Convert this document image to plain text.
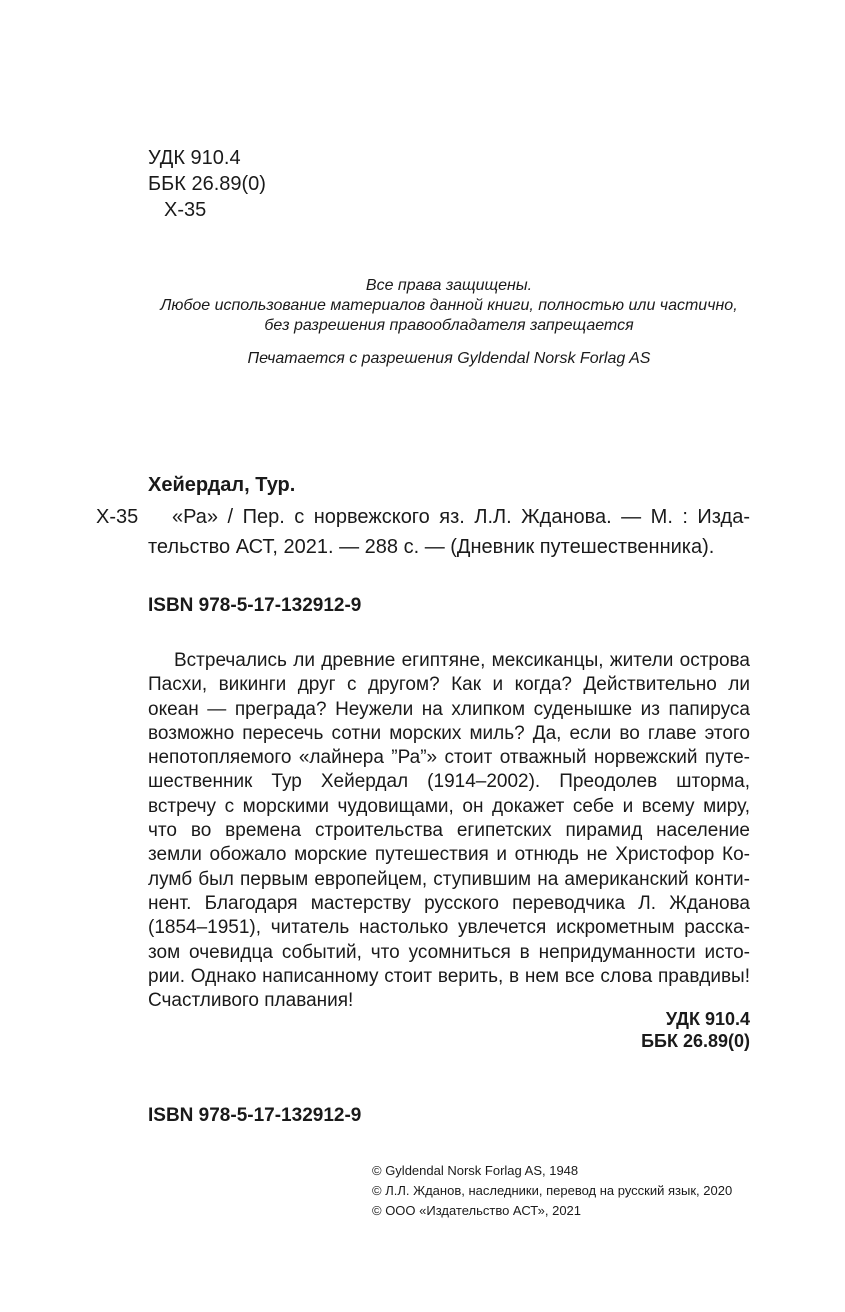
УДК 910.4
ББК 26.89(0)
Х-35
Все права защищены.
Любое использование материалов данной книги, полностью или частично,
без разрешения правообладателя запрещается
Печатается с разрешения Gyldendal Norsk Forlag AS
Хейердал, Тур.
Х-35	«Ра» / Пер. с норвежского яз. Л.Л. Жданова. — М. : Издательство АСТ, 2021. — 288 с. — (Дневник путешественника).
ISBN 978-5-17-132912-9
Встречались ли древние египтяне, мексиканцы, жители острова Пасхи, викинги друг с другом? Как и когда? Действительно ли океан — преграда? Неужели на хлипком суденышке из папируса возможно пересечь сотни морских миль? Да, если во главе этого непотопляемого «лайнера ”Ра”» стоит отважный норвежский путешественник Тур Хейердал (1914–2002). Преодолев шторма, встречу с морскими чудовищами, он докажет себе и всему миру, что во времена строительства египетских пирамид население земли обожало морские путешествия и отнюдь не Христофор Колумб был первым европейцем, ступившим на американский континент. Благодаря мастерству русского переводчика Л. Жданова (1854–1951), читатель настолько увлечется искрометным рассказом очевидца событий, что усомниться в непридуманности истории. Однако написанному стоит верить, в нем все слова правдивы! Счастливого плавания!
УДК 910.4
ББК 26.89(0)
ISBN 978-5-17-132912-9
© Gyldendal Norsk Forlag AS, 1948
© Л.Л. Жданов, наследники, перевод на русский язык, 2020
© ООО «Издательство АСТ», 2021
